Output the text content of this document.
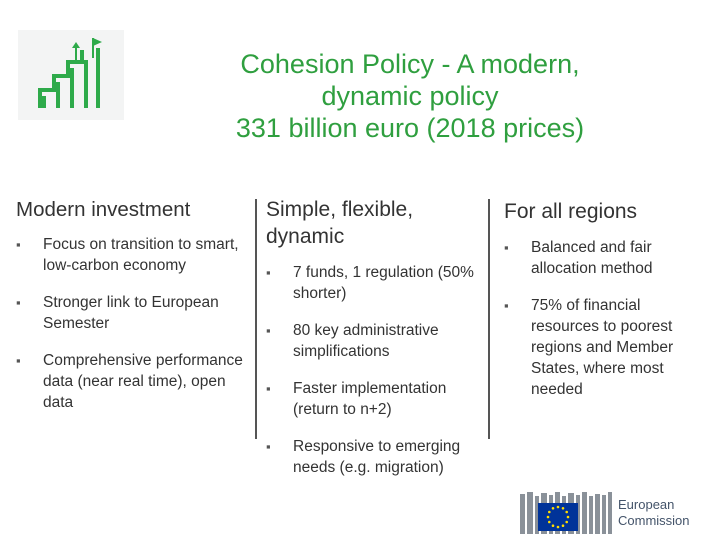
Cohesion Policy - A modern,
dynamic policy
331 billion euro (2018 prices)
Modern investment
▪ Focus on transition to smart, low-carbon economy
▪ Stronger link to European Semester
▪ Comprehensive performance data (near real time), open data
Simple, flexible, dynamic
▪ 7 funds, 1 regulation (50% shorter)
▪ 80 key administrative simplifications
▪ Faster implementation (return to n+2)
▪ Responsive to emerging needs (e.g. migration)
For all regions
▪ Balanced and fair allocation method
▪ 75% of financial resources to poorest regions and Member States, where most needed
European
Commission
